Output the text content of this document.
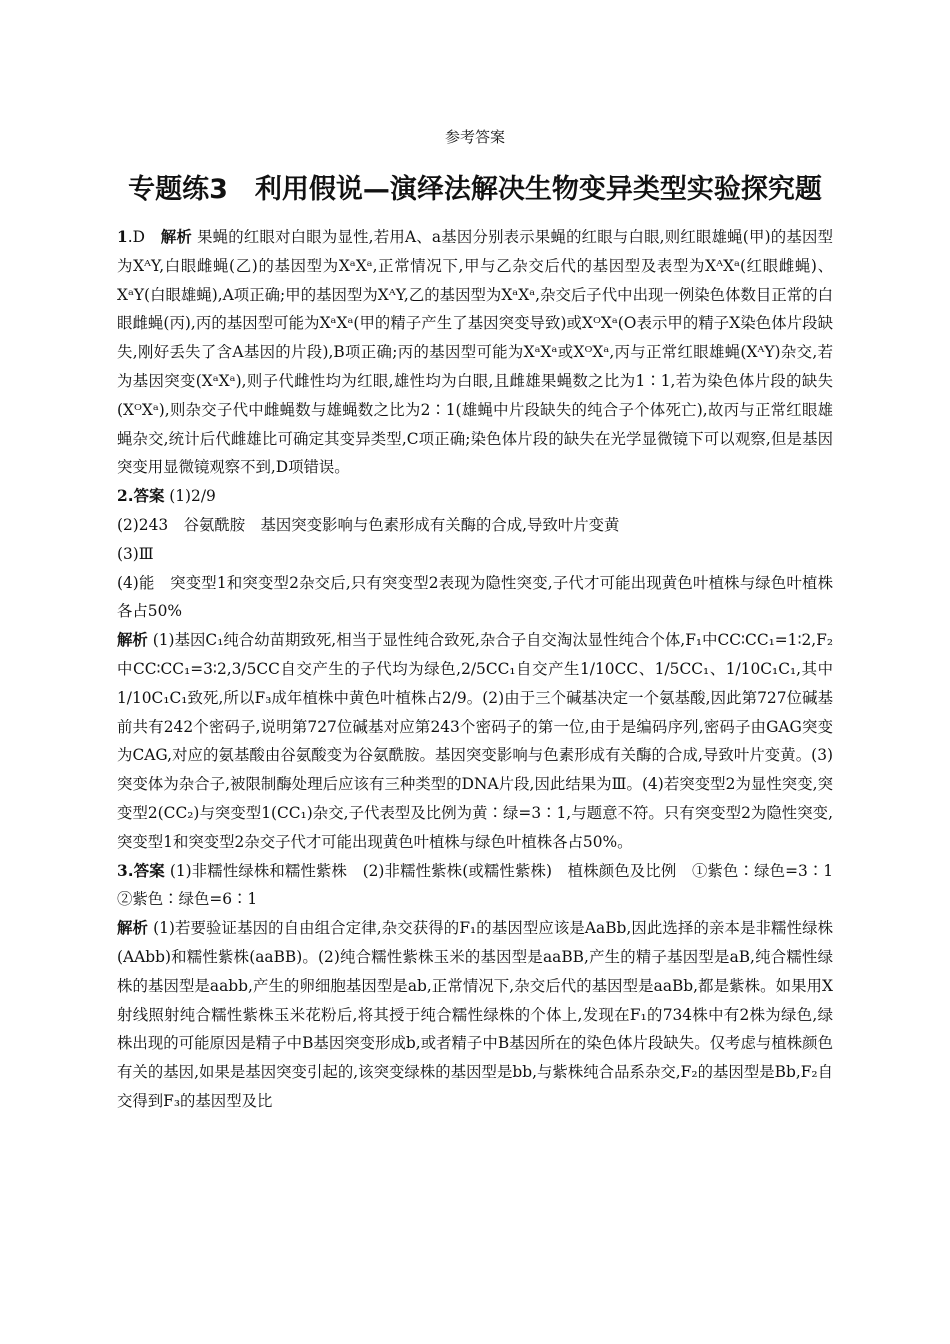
参考答案
专题练3　利用假说—演绎法解决生物变异类型实验探究题

1.D　解析 果蝇的红眼对白眼为显性,若用A、a基因分别表示果蝇的红眼与白眼,则红眼雄蝇(甲)的基因型为XᴬY,白眼雌蝇(乙)的基因型为XᵃXᵃ,正常情况下,甲与乙杂交后代的基因型及表型为XᴬXᵃ(红眼雌蝇)、XᵃY(白眼雄蝇),A项正确;甲的基因型为XᴬY,乙的基因型为XᵃXᵃ,杂交后子代中出现一例染色体数目正常的白眼雌蝇(丙),丙的基因型可能为XᵃXᵃ(甲的精子产生了基因突变导致)或XᴼXᵃ(O表示甲的精子X染色体片段缺失,刚好丢失了含A基因的片段),B项正确;丙的基因型可能为XᵃXᵃ或XᴼXᵃ,丙与正常红眼雄蝇(XᴬY)杂交,若为基因突变(XᵃXᵃ),则子代雌性均为红眼,雄性均为白眼,且雌雄果蝇数之比为1∶1,若为染色体片段的缺失(XᴼXᵃ),则杂交子代中雌蝇数与雄蝇数之比为2∶1(雄蝇中片段缺失的纯合子个体死亡),故丙与正常红眼雄蝇杂交,统计后代雌雄比可确定其变异类型,C项正确;染色体片段的缺失在光学显微镜下可以观察,但是基因突变用显微镜观察不到,D项错误。

2.答案 (1)2/9

(2)243　谷氨酰胺　基因突变影响与色素形成有关酶的合成,导致叶片变黄

(3)Ⅲ

(4)能　突变型1和突变型2杂交后,只有突变型2表现为隐性突变,子代才可能出现黄色叶植株与绿色叶植株各占50%

解析 (1)基因C₁纯合幼苗期致死,相当于显性纯合致死,杂合子自交淘汰显性纯合个体,F₁中CC∶CC₁=1∶2,F₂中CC∶CC₁=3∶2,3/5CC自交产生的子代均为绿色,2/5CC₁自交产生1/10CC、1/5CC₁、1/10C₁C₁,其中1/10C₁C₁致死,所以F₃成年植株中黄色叶植株占2/9。(2)由于三个碱基决定一个氨基酸,因此第727位碱基前共有242个密码子,说明第727位碱基对应第243个密码子的第一位,由于是编码序列,密码子由GAG突变为CAG,对应的氨基酸由谷氨酸变为谷氨酰胺。基因突变影响与色素形成有关酶的合成,导致叶片变黄。(3)突变体为杂合子,被限制酶处理后应该有三种类型的DNA片段,因此结果为Ⅲ。(4)若突变型2为显性突变,突变型2(CC₂)与突变型1(CC₁)杂交,子代表型及比例为黄∶绿=3∶1,与题意不符。只有突变型2为隐性突变,突变型1和突变型2杂交子代才可能出现黄色叶植株与绿色叶植株各占50%。

3.答案 (1)非糯性绿株和糯性紫株　(2)非糯性紫株(或糯性紫株)　植株颜色及比例　①紫色∶绿色=3∶1　②紫色∶绿色=6∶1

解析 (1)若要验证基因的自由组合定律,杂交获得的F₁的基因型应该是AaBb,因此选择的亲本是非糯性绿株(AAbb)和糯性紫株(aaBB)。(2)纯合糯性紫株玉米的基因型是aaBB,产生的精子基因型是aB,纯合糯性绿株的基因型是aabb,产生的卵细胞基因型是ab,正常情况下,杂交后代的基因型是aaBb,都是紫株。如果用X射线照射纯合糯性紫株玉米花粉后,将其授于纯合糯性绿株的个体上,发现在F₁的734株中有2株为绿色,绿株出现的可能原因是精子中B基因突变形成b,或者精子中B基因所在的染色体片段缺失。仅考虑与植株颜色有关的基因,如果是基因突变引起的,该突变绿株的基因型是bb,与紫株纯合品系杂交,F₂的基因型是Bb,F₂自交得到F₃的基因型及比
